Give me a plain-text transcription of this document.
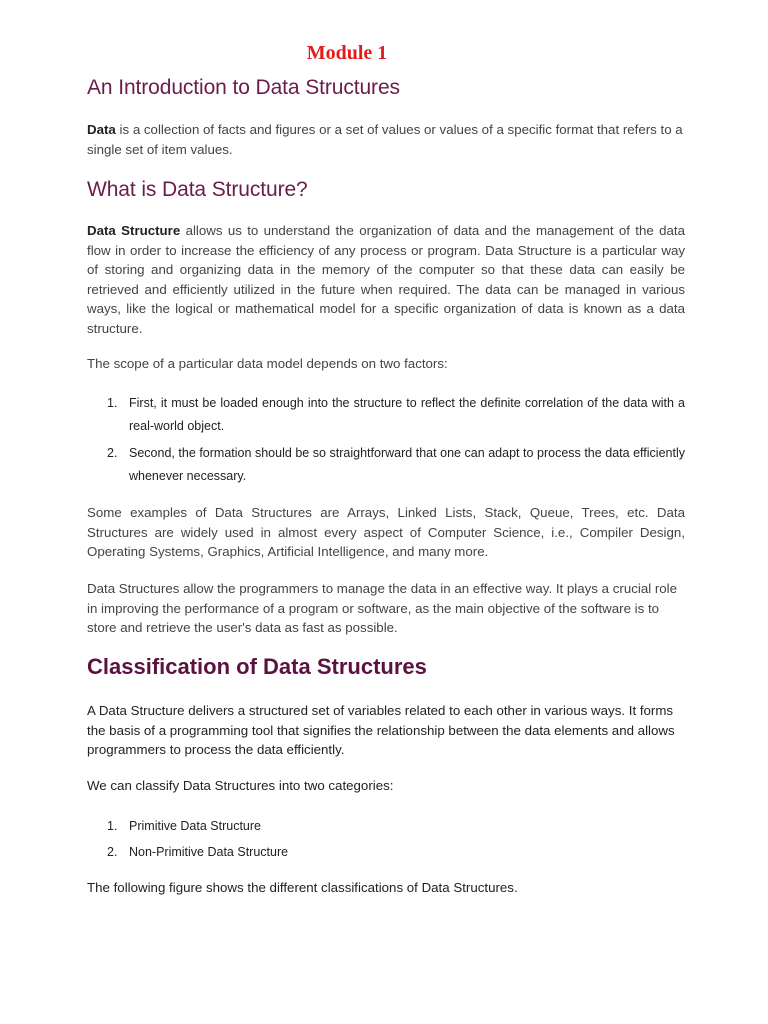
Module 1
An Introduction to Data Structures

Data is a collection of facts and figures or a set of values or values of a specific format that refers to a single set of item values.

What is Data Structure?

Data Structure allows us to understand the organization of data and the management of the data flow in order to increase the efficiency of any process or program. Data Structure is a particular way of storing and organizing data in the memory of the computer so that these data can easily be retrieved and efficiently utilized in the future when required. The data can be managed in various ways, like the logical or mathematical model for a specific organization of data is known as a data structure.

The scope of a particular data model depends on two factors:

1. First, it must be loaded enough into the structure to reflect the definite correlation of the data with a real-world object.
2. Second, the formation should be so straightforward that one can adapt to process the data efficiently whenever necessary.

Some examples of Data Structures are Arrays, Linked Lists, Stack, Queue, Trees, etc. Data Structures are widely used in almost every aspect of Computer Science, i.e., Compiler Design, Operating Systems, Graphics, Artificial Intelligence, and many more.

Data Structures allow the programmers to manage the data in an effective way. It plays a crucial role in improving the performance of a program or software, as the main objective of the software is to store and retrieve the user's data as fast as possible.

Classification of Data Structures

A Data Structure delivers a structured set of variables related to each other in various ways. It forms the basis of a programming tool that signifies the relationship between the data elements and allows programmers to process the data efficiently.

We can classify Data Structures into two categories:

1. Primitive Data Structure
2. Non-Primitive Data Structure

The following figure shows the different classifications of Data Structures.
